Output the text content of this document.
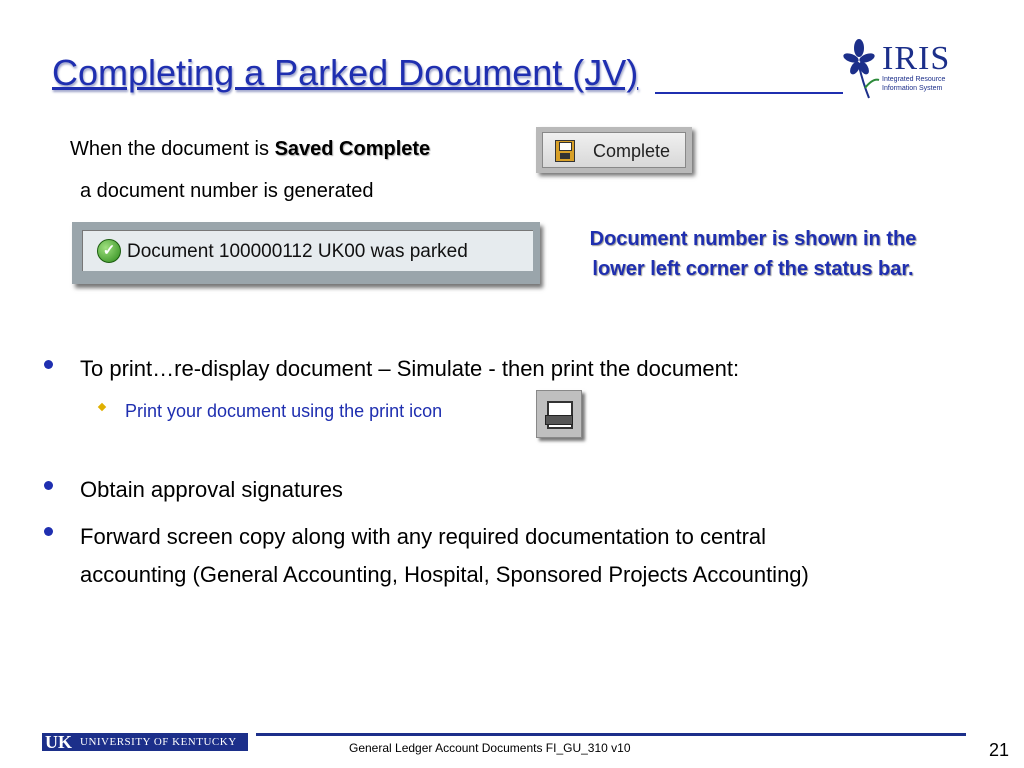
Completing a Parked Document (JV)	IRIS
Integrated Resource
Information System
When the document is Saved Complete
a document number is generated
Complete
✓ Document 100000112 UK00 was parked
Document number is shown in the
lower left corner of the status bar.
To print…re-display document – Simulate - then print the document:
Print your document using the print icon
Obtain approval signatures
Forward screen copy along with any required documentation to central
accounting (General Accounting, Hospital, Sponsored Projects Accounting)
UK UNIVERSITY OF KENTUCKY	General Ledger Account Documents FI_GU_310 v10	21
